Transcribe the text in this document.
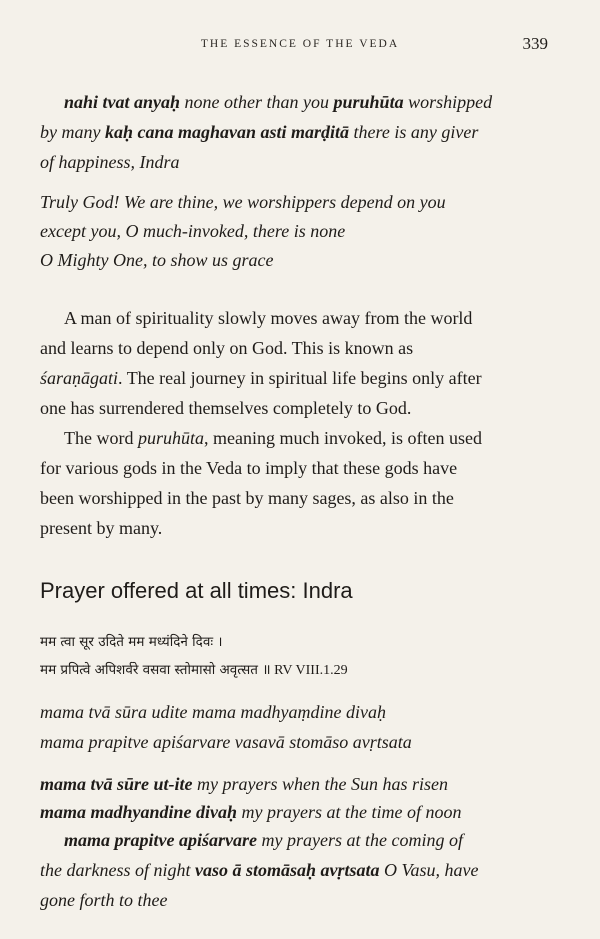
THE ESSENCE OF THE VEDA	339
nahi tvat anyaḥ none other than you puruhūta worshipped
by many kaḥ cana maghavan asti marḍitā there is any giver
of happiness, Indra
Truly God! We are thine, we worshippers depend on you
except you, O much-invoked, there is none
O Mighty One, to show us grace
A man of spirituality slowly moves away from the world
and learns to depend only on God. This is known as
śaraṇāgati. The real journey in spiritual life begins only after
one has surrendered themselves completely to God.
The word puruhūta, meaning much invoked, is often used
for various gods in the Veda to imply that these gods have
been worshipped in the past by many sages, as also in the
present by many.
Prayer offered at all times: Indra
मम त्वा सूर उदिते मम मध्यंदिने दिवः ।
मम प्रपित्वे अपिशर्वरे वसवा स्तोमासो अवृत्सत ॥ RV VIII.1.29
mama tvā sūra udite mama madhyaṃdine divaḥ
mama prapitve apiśarvare vasavā stomāso avṛtsata
mama tvā sūre ut-ite my prayers when the Sun has risen
mama madhyandine divaḥ my prayers at the time of noon
mama prapitve apiśarvare my prayers at the coming of
the darkness of night vaso ā stomāsaḥ avṛtsata O Vasu, have
gone forth to thee
